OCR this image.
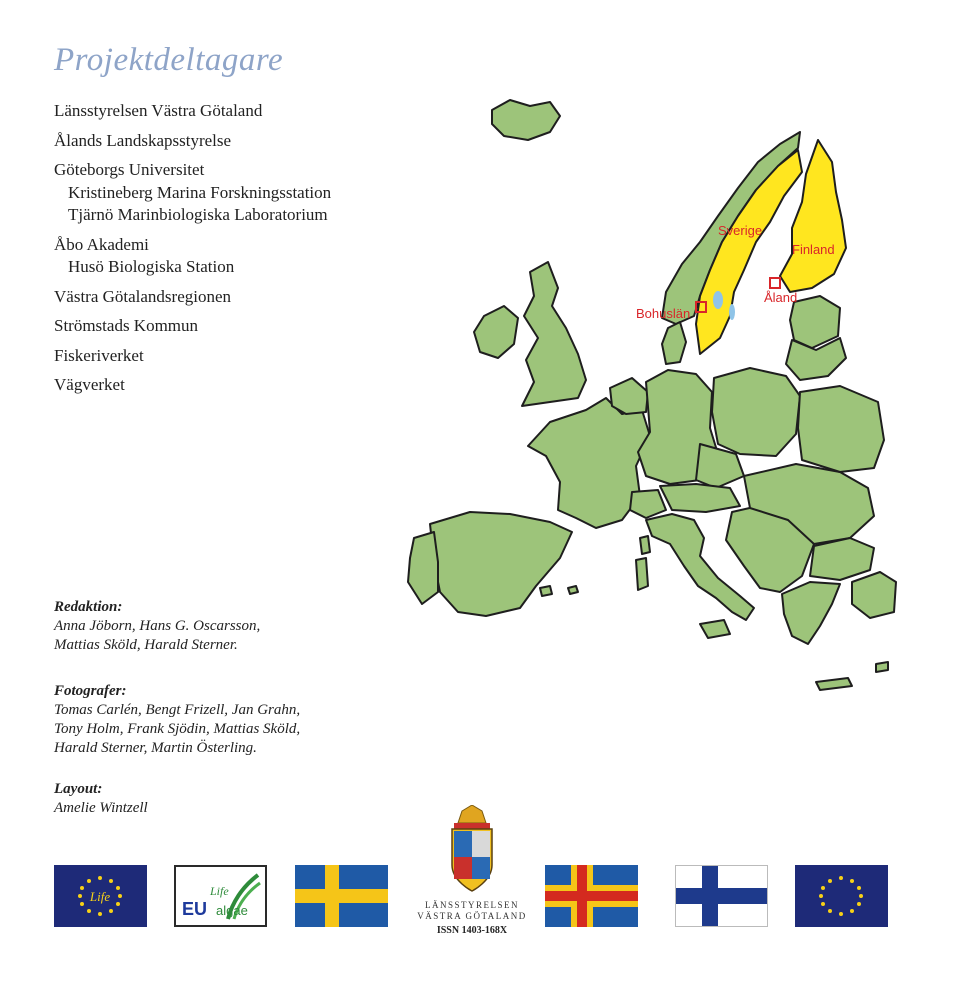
Projektdeltagare
Länsstyrelsen Västra Götaland
Ålands Landskapsstyrelse
Göteborgs Universitet
Kristineberg Marina Forskningsstation
Tjärnö Marinbiologiska Laboratorium
Åbo Akademi
Husö Biologiska Station
Västra Götalandsregionen
Strömstads Kommun
Fiskeriverket
Vägverket
Redaktion:
Anna Jöborn, Hans G. Oscarsson,
Mattias Sköld, Harald Sterner.
Fotografer:
Tomas Carlén, Bengt Frizell, Jan Grahn,
Tony Holm, Frank Sjödin, Mattias Sköld,
Harald Sterner, Martin Österling.
Layout:
Amelie Wintzell
Sverige
Finland
Åland
Bohuslän
Life
EU
Life
algae	LÄNSSTYRELSEN
VÄSTRA GÖTALAND
ISSN 1403-168X
